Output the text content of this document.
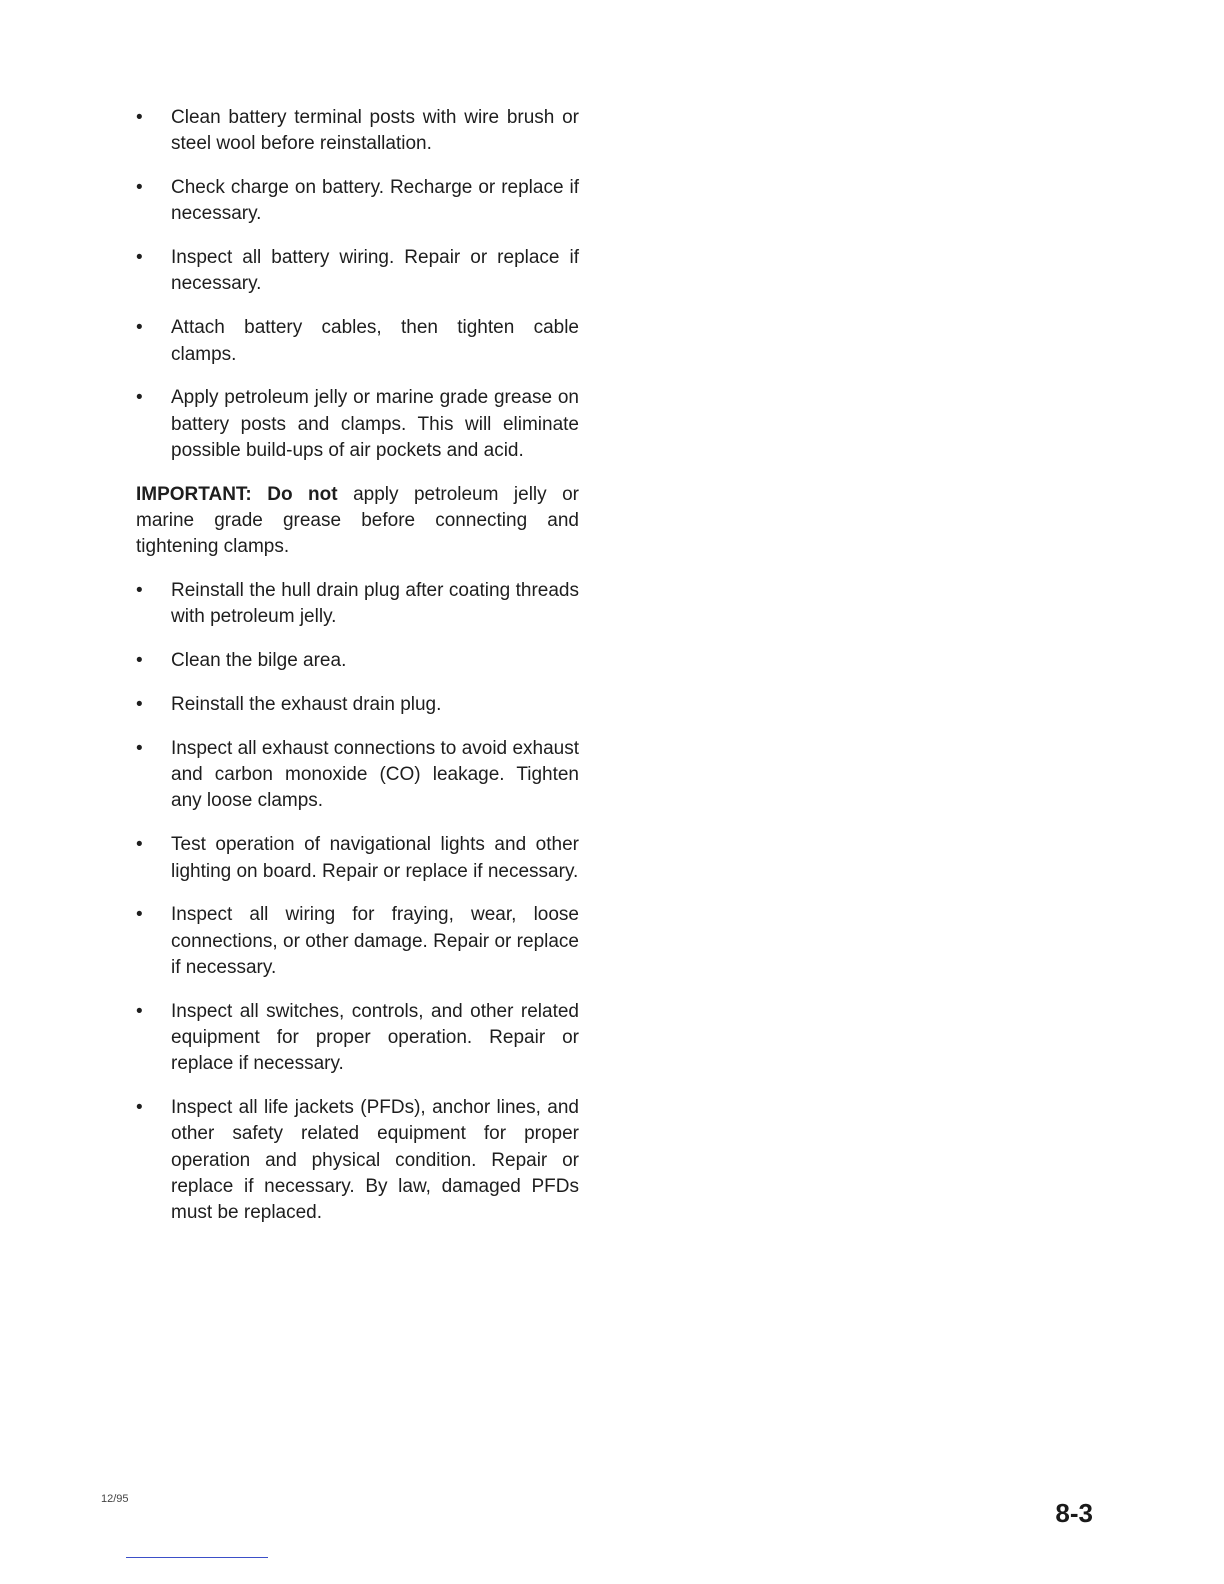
•	Clean battery terminal posts with wire brush or steel wool before reinstallation.
•	Check charge on battery. Recharge or replace if necessary.
•	Inspect all battery wiring. Repair or replace if necessary.
•	Attach battery cables, then tighten cable clamps.
•	Apply petroleum jelly or marine grade grease on battery posts and clamps. This will eliminate possible build-ups of air pockets and acid.

IMPORTANT: Do not apply petroleum jelly or marine grade grease before connecting and tightening clamps.

•	Reinstall the hull drain plug after coating threads with petroleum jelly.
•	Clean the bilge area.
•	Reinstall the exhaust drain plug.
•	Inspect all exhaust connections to avoid exhaust and carbon monoxide (CO) leakage. Tighten any loose clamps.
•	Test operation of navigational lights and other lighting on board. Repair or replace if necessary.
•	Inspect all wiring for fraying, wear, loose connections, or other damage. Repair or replace if necessary.
•	Inspect all switches, controls, and other related equipment for proper operation. Repair or replace if necessary.
•	Inspect all life jackets (PFDs), anchor lines, and other safety related equipment for proper operation and physical condition. Repair or replace if necessary. By law, damaged PFDs must be replaced.
12/95	8-3
